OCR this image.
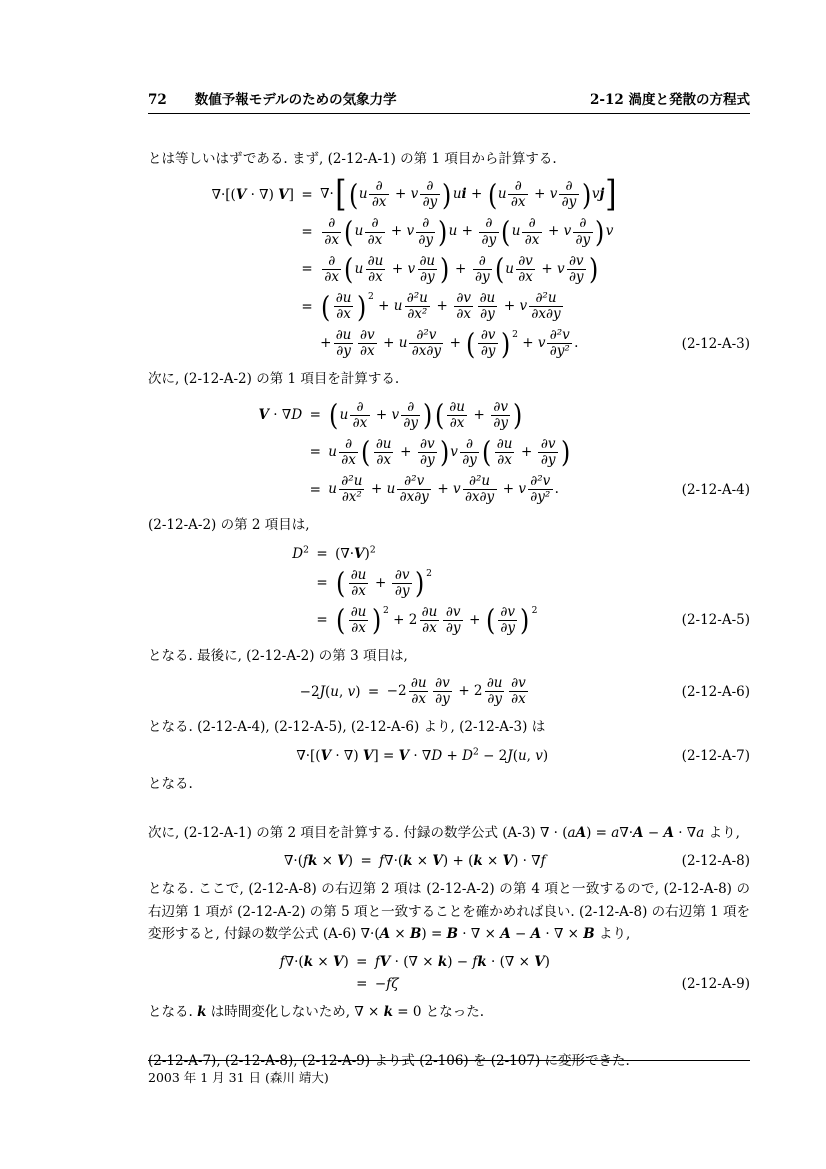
72 数値予報モデルのための気象力学	2-12 渦度と発散の方程式
とは等しいはずである. まず, (2-12-A-1) の第 1 項目から計算する.
∇·[(V · ∇) $V] = \nabla\cdot[(u \frac{\partial}{\partial x} + v \frac{\partial}{\partial y} )ui + (u \frac{\partial}{\partial x} + v \frac{\partial}{\partial y} )vj]$
= $\frac{\partial}{\partial x} (u \frac{\partial}{\partial x} + v \frac{\partial}{\partial y} )u + \frac{\partial}{\partial y} (u \frac{\partial}{\partial x} + v \frac{\partial}{\partial y} )v$
= $\frac{\partial}{\partial x} (u \frac{\partial u}{\partial x} + v \frac{\partial u}{\partial y}$ ) + $\frac{\partial}{\partial y} (u \frac{\partial v}{\partial x} + v \frac{\partial v}{\partial y}$ )
= ( $\frac{\partial u}{\partial x}$ ) $^2$ + u $\frac{\text{∂²u}}{\text{∂x²}} + \frac{\partial v}{\partial x} \frac{\partial u}{\partial y} + v \frac{\text{∂²u}}{\partial x\partial y}$
+ $\frac{\partial u}{\partial y} \frac{\partial v}{\partial x} + u \frac{\text{∂²v}}{\partial x\partial y}$ + ( $\frac{\partial v}{\partial y}$ ) $^2$ + v $\frac{\text{∂²v}}{\text{∂y²}}$ .	(2-12-A-3)
次に, (2-12-A-2) の第 1 項目を計算する.
$V \cdot \nabla D = (u \frac{\partial}{\partial x} + v \frac{\partial}{\partial y}$ )( $\frac{\partial u}{\partial x} + \frac{\partial v}{\partial y}$ )
= u $\frac{\partial}{\partial x}$ ( $\frac{\partial u}{\partial x} + \frac{\partial v}{\partial y} )v \frac{\partial}{\partial y}$ ( $\frac{\partial u}{\partial x} + \frac{\partial v}{\partial y}$ )
= u $\frac{\text{∂²u}}{\text{∂x²}} + u \frac{\text{∂²v}}{\partial x\partial y} + v \frac{\text{∂²u}}{\partial x\partial y} + v \frac{\text{∂²v}}{\text{∂y²}}$ .	(2-12-A-4)
(2-12-A-2) の第 2 項目は,
$D^2 = (\nabla\cdot V)^2$
= ( $\frac{\partial u}{\partial x} + \frac{\partial v}{\partial y}$ ) $^2$
= ( $\frac{\partial u}{\partial x}$ ) $^2 + 2 \frac{\partial u}{\partial x} \frac{\partial v}{\partial y}$ + ( $\frac{\partial v}{\partial y}$ ) $^2$
(2-12-A-5)
となる. 最後に, (2-12-A-2) の第 3 項目は,
−2J(u, $v) = -2 \frac{\partial u}{\partial x} \frac{\partial v}{\partial y} + 2 \frac{\partial u}{\partial y} \frac{\partial v}{\partial x}$	(2-12-A-6)
となる. (2-12-A-4), (2-12-A-5), (2-12-A-6) より, (2-12-A-3) は
∇·[(V · ∇) $V] = V \cdot \nabla D + D^2 - 2J(u$, v)	(2-12-A-7)
となる.
次に, (2-12-A-1) の第 2 項目を計算する. 付録の数学公式 (A-3) ∇ · (aA) = a∇·A − A · ∇a より,
∇·(fk × V) = f∇·(k × V) + (k × V) · ∇f	(2-12-A-8)
となる. ここで, (2-12-A-8) の右辺第 2 項は (2-12-A-2) の第 4 項と一致するので, (2-12-A-8) の右辺第 1 項が (2-12-A-2) の第 5 項と一致することを確かめれば良い. (2-12-A-8) の右辺第 1 項を変形すると, 付録の数学公式 (A-6) ∇·(A × B) = B · ∇ × A − A · ∇ × B より,
f∇·(k × V) = fV · (∇ × k) − fk · (∇ × V)
= −fζ	(2-12-A-9)
となる. k は時間変化しないため, ∇ × k = 0 となった.
(2-12-A-7), (2-12-A-8), (2-12-A-9) より式 (2-106) を (2-107) に変形できた.
2003 年 1 月 31 日 (森川 靖大)
